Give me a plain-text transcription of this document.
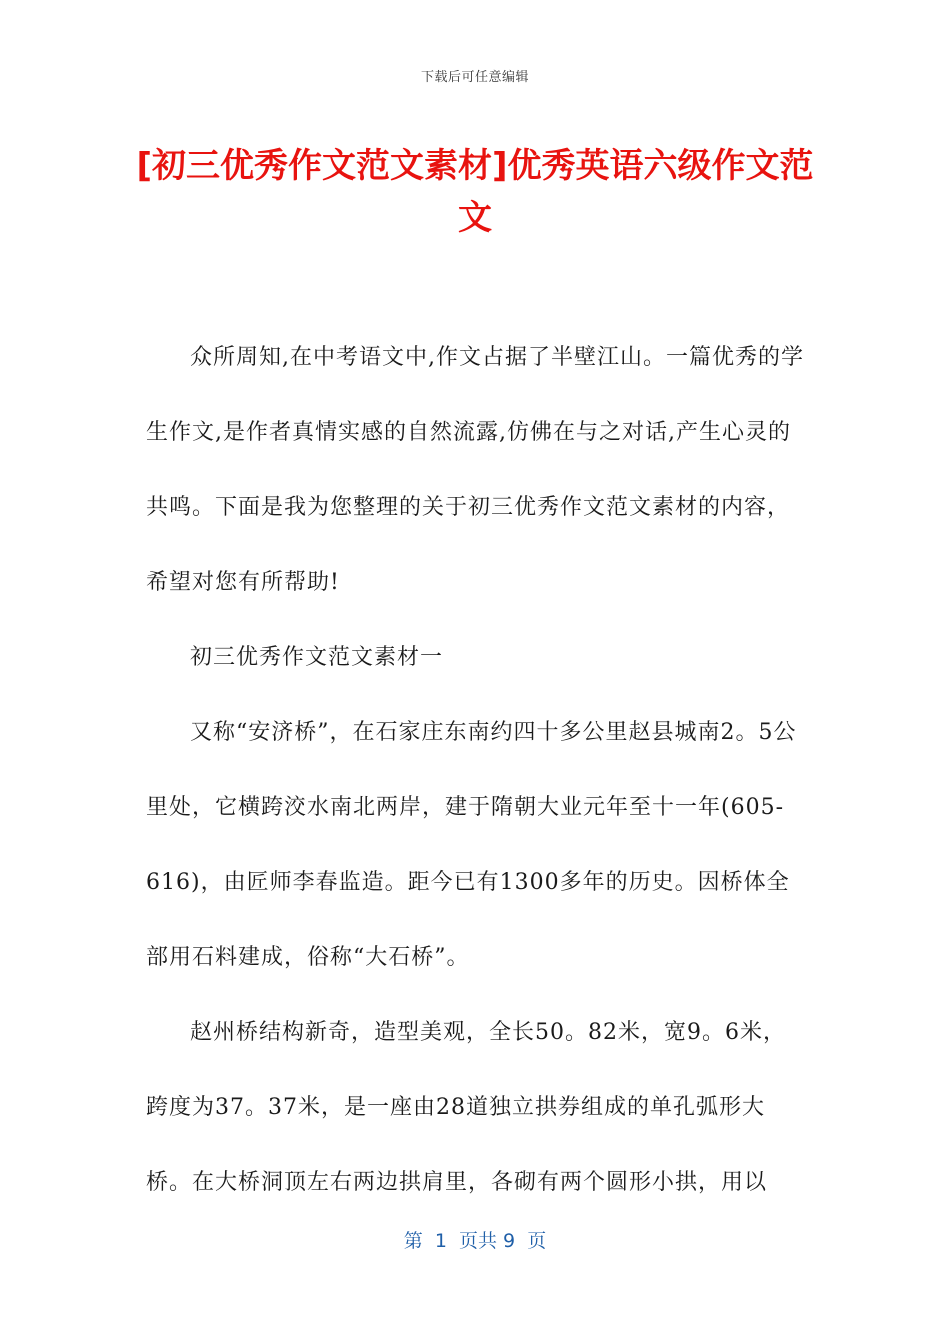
下载后可任意编辑
[初三优秀作文范文素材]优秀英语六级作文范文

众所周知,在中考语文中,作文占据了半壁江山。一篇优秀的学生作文,是作者真情实感的自然流露,仿佛在与之对话,产生心灵的共鸣。下面是我为您整理的关于初三优秀作文范文素材的内容，希望对您有所帮助!

初三优秀作文范文素材一

又称“安济桥”，在石家庄东南约四十多公里赵县城南2。5公里处，它横跨洨水南北两岸，建于隋朝大业元年至十一年(605-616)，由匠师李春监造。距今已有1300多年的历史。因桥体全部用石料建成，俗称“大石桥”。

赵州桥结构新奇，造型美观，全长50。82米，宽9。6米，跨度为37。37米，是一座由28道独立拱券组成的单孔弧形大桥。在大桥洞顶左右两边拱肩里，各砌有两个圆形小拱，用以

第  1  页共 9  页
